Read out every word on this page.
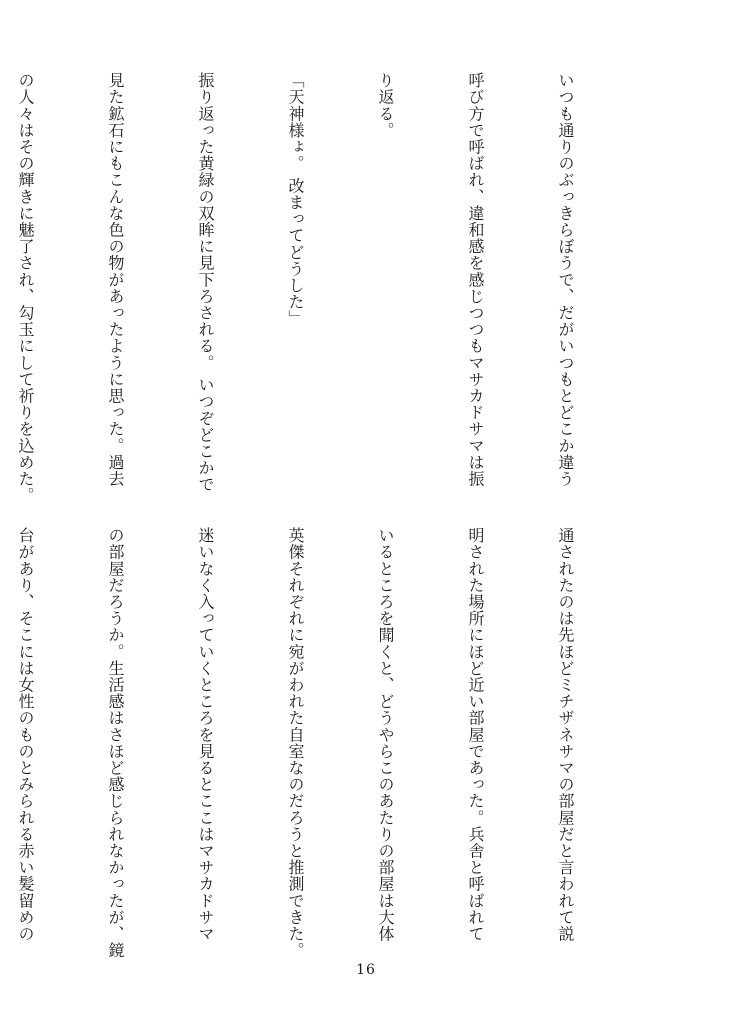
いつも通りのぶっきらぼうで、だがいつもとどこか違う

呼び方で呼ばれ、違和感を感じつつもマサカドサマは振

り返る。

「天神様ょ。 改まってどうした」

振り返った黄緑の双眸に見下ろされる。 いつぞどこかで

見た鉱石にもこんな色の物があったように思った。過去

の人々はその輝きに魅了され、勾玉にして祈りを込めた。

通されたのは先ほどミチザネサマの部屋だと言われて説

明された場所にほど近い部屋であった。兵舎と呼ばれて

いるところを聞くと、どうやらこのあたりの部屋は大体

英傑それぞれに宛がわれた自室なのだろうと推測できた。

迷いなく入っていくところを見るとここはマサカドサマ

の部屋だろうか。生活感はさほど感じられなかったが、鏡

台があり、そこには女性のものとみられる赤い髪留めの

16
